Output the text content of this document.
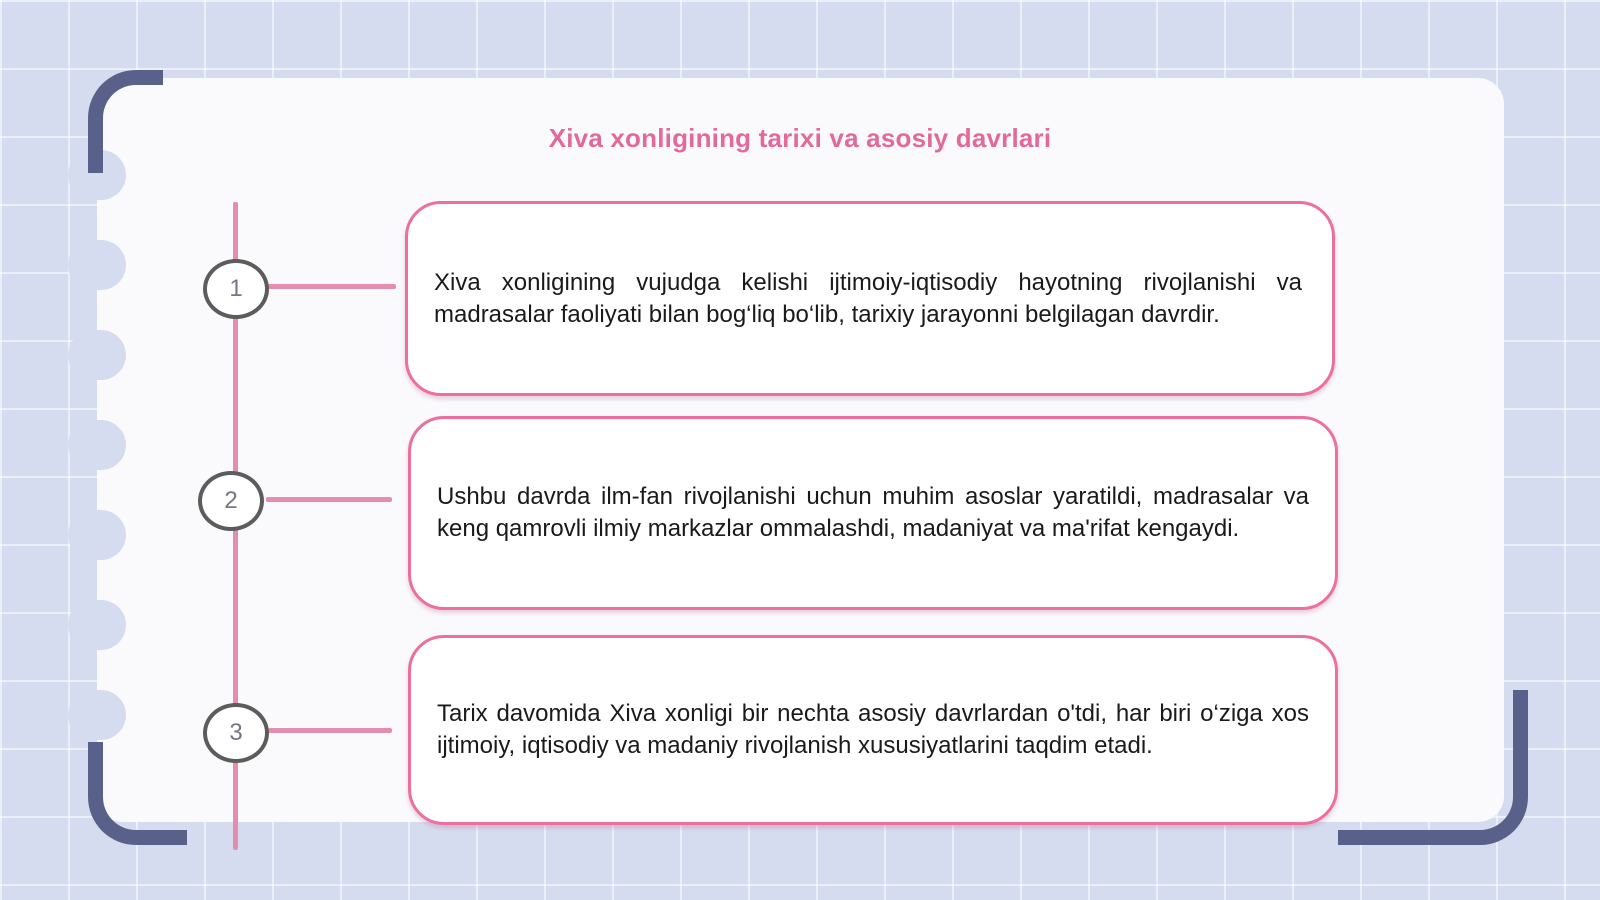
Xiva xonligining tarixi va asosiy davrlari
1	Xiva xonligining vujudga kelishi ijtimoiy-iqtisodiy hayotning rivojlanishi va madrasalar faoliyati bilan bog‘liq bo‘lib, tarixiy jarayonni belgilagan davrdir.

2	Ushbu davrda ilm-fan rivojlanishi uchun muhim asoslar yaratildi, madrasalar va keng qamrovli ilmiy markazlar ommalashdi, madaniyat va ma'rifat kengaydi.

3

Tarix davomida Xiva xonligi bir nechta asosiy davrlardan o'tdi, har biri o‘ziga xos ijtimoiy, iqtisodiy va madaniy rivojlanish xususiyatlarini taqdim etadi.
